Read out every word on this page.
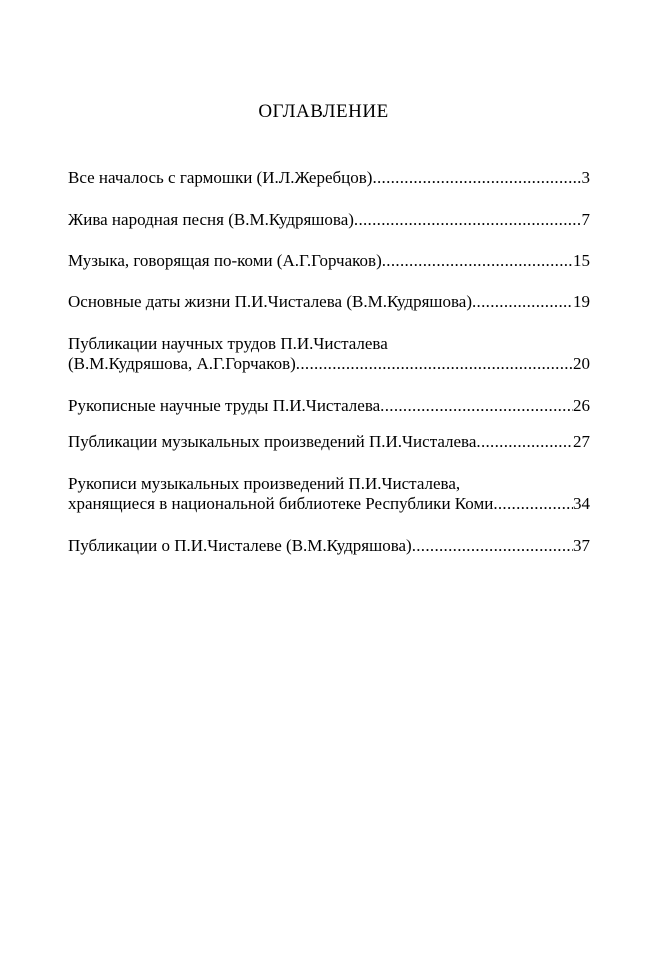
ОГЛАВЛЕНИЕ
Все началось с гармошки (И.Л.Жеребцов) .....	3
Жива народная песня (В.М.Кудряшова) .....	7
Музыка, говорящая по-коми (А.Г.Горчаков) .....	15
Основные даты жизни П.И.Чисталева (В.М.Кудряшова) .....	19
Публикации научных трудов П.И.Чисталева
(В.М.Кудряшова, А.Г.Горчаков) .....	20
Рукописные научные труды П.И.Чисталева .....	26
Публикации музыкальных произведений П.И.Чисталева .....	27
Рукописи музыкальных произведений П.И.Чисталева,
хранящиеся в национальной библиотеке Республики Коми .....	34
Публикации о П.И.Чисталеве (В.М.Кудряшова) .....	37
